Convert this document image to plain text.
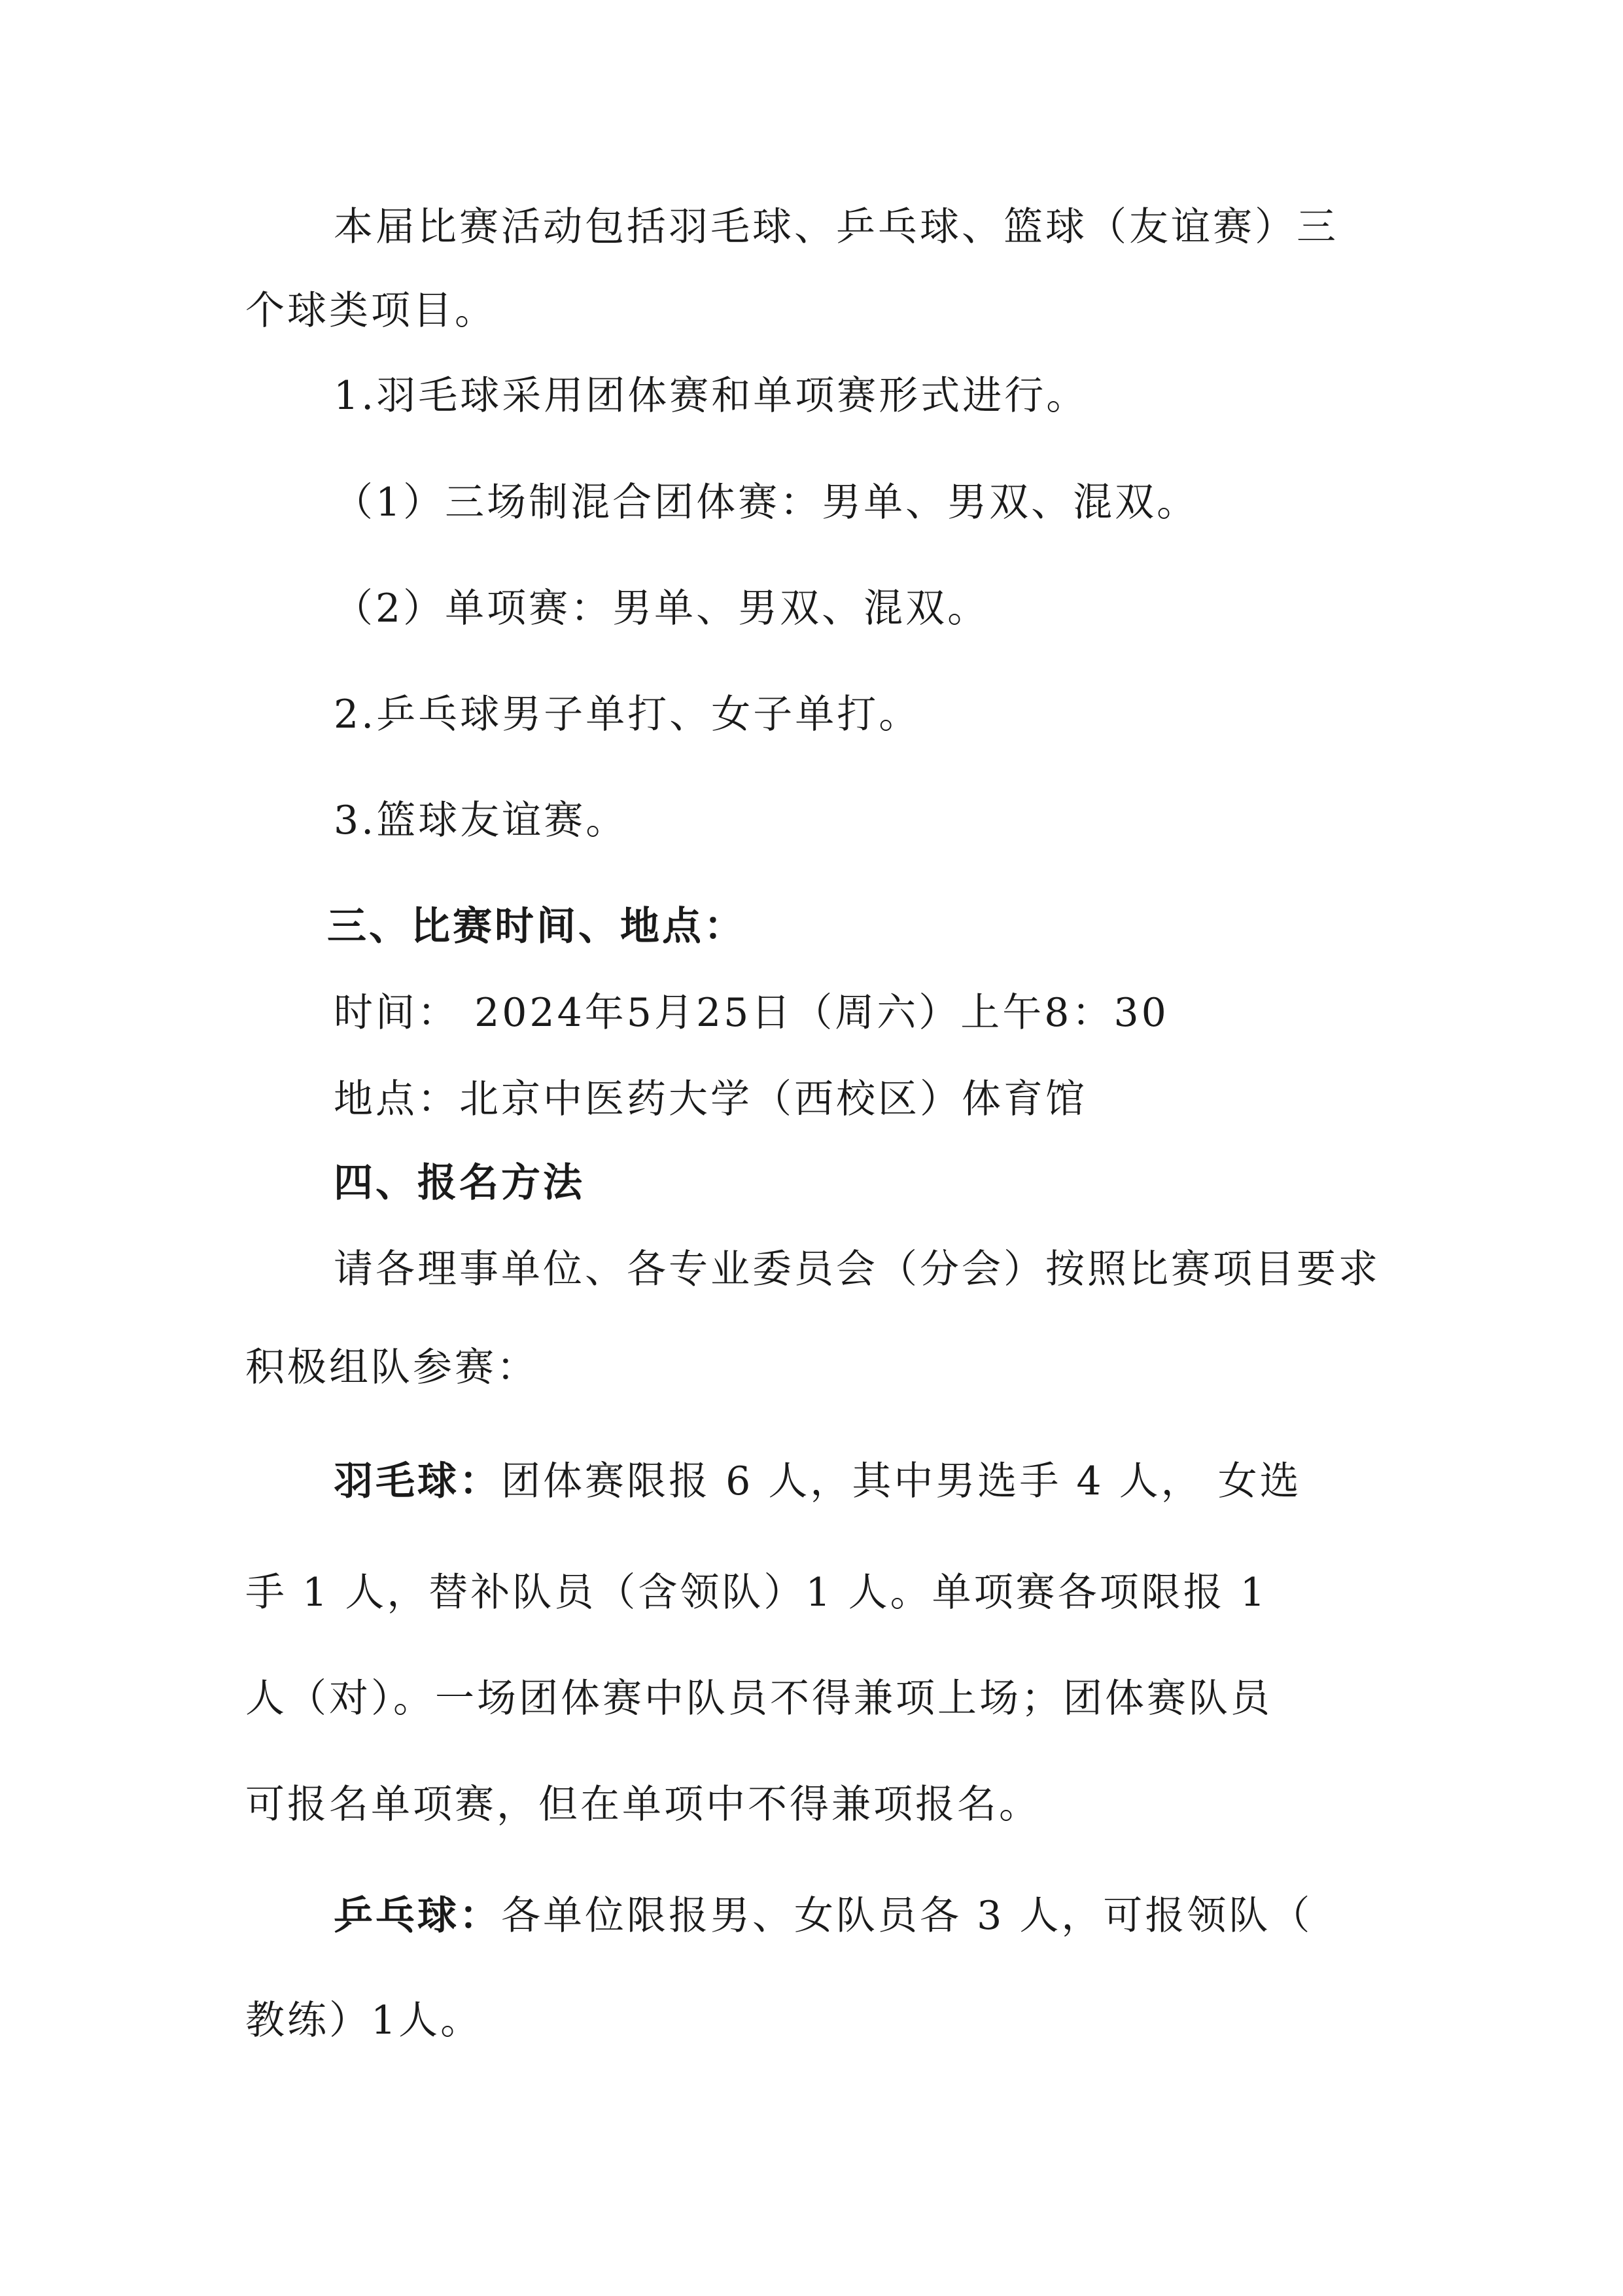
本届比赛活动包括羽毛球、乒乓球、篮球（友谊赛）三
个球类项目。
1.羽毛球采用团体赛和单项赛形式进行。
（1）三场制混合团体赛：男单、男双、混双。
（2）单项赛：男单、男双、混双。
2.乒乓球男子单打、女子单打。
3.篮球友谊赛。
三、比赛时间、地点：
时间： 2024年5月25日（周六）上午8：30
地点：北京中医药大学（西校区）体育馆
四、报名方法
请各理事单位、各专业委员会（分会）按照比赛项目要求
积极组队参赛：
羽毛球：团体赛限报 6 人，其中男选手 4 人， 女选
手 1 人，替补队员（含领队）1 人。单项赛各项限报 1
人（对）。一场团体赛中队员不得兼项上场；团体赛队员
可报名单项赛，但在单项中不得兼项报名。
乒乓球：各单位限报男、女队员各 3 人，可报领队（
教练）1人。
